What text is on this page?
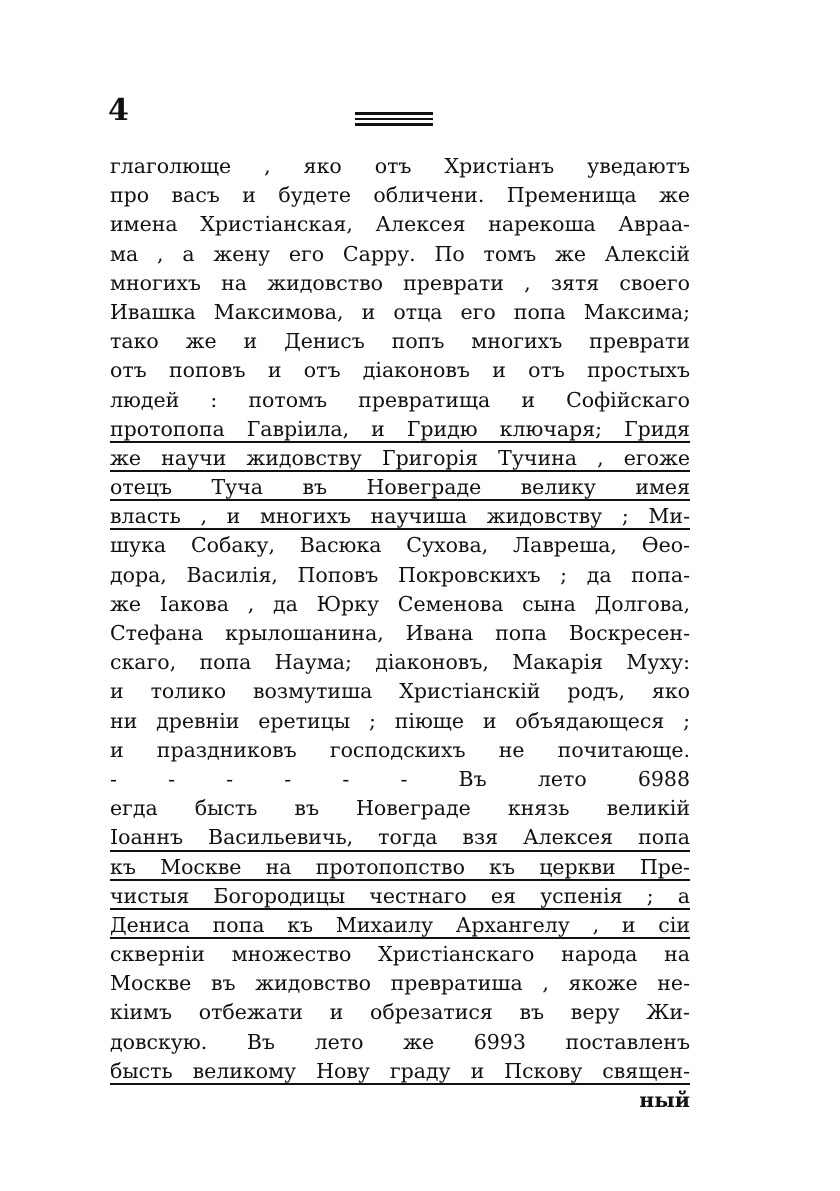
4
глаголюще , яко отъ Христіанъ уведаютъ
про васъ и будете обличени. Пременища же
имена Христіанская, Алексея нарекоша Авраа-
ма , а жену его Сарру. По томъ же Алексій
многихъ на жидовство преврати , зятя своего
Ивашка Максимова, и отца его попа Максима;
тако же и Денисъ попъ многихъ преврати
отъ поповъ и отъ діаконовъ и отъ простыхъ
людей : потомъ превратища и Софійскаго
протопопа Гавріила, и Гридю ключаря; Гридя
же научи жидовству Григорія Тучина , егоже
отецъ Туча въ Новеграде велику имея
власть , и многихъ научиша жидовству ; Ми-
шука Собаку, Васюка Сухова, Лавреша, Ѳео-
дора, Василія, Поповъ Покровскихъ ; да попа-
же Іакова , да Юрку Семенова сына Долгова,
Стефана крылошанина, Ивана попа Воскресен-
скаго, попа Наума; діаконовъ, Макарія Муху:
и толико возмутиша Христіанскій родъ, яко
ни древніи еретицы ; піюще и объядающеся ;
и праздниковъ господскихъ не почитающе.
- - - - - - Въ лето 6988
егда бысть въ Новеграде князь великій
Іоаннъ Васильевичь, тогда взя Алексея попа
къ Москве на протопопство къ церкви Пре-
чистыя Богородицы честнаго ея успенія ; а
Дениса попа къ Михаилу Архангелу , и сіи
скверніи множество Христіанскаго народа на
Москве въ жидовство превратиша , якоже не-
кіимъ отбежати и обрезатися въ веру Жи-
довскую. Въ лето же 6993 поставленъ
бысть великому Нову граду и Пскову священ-
ный
